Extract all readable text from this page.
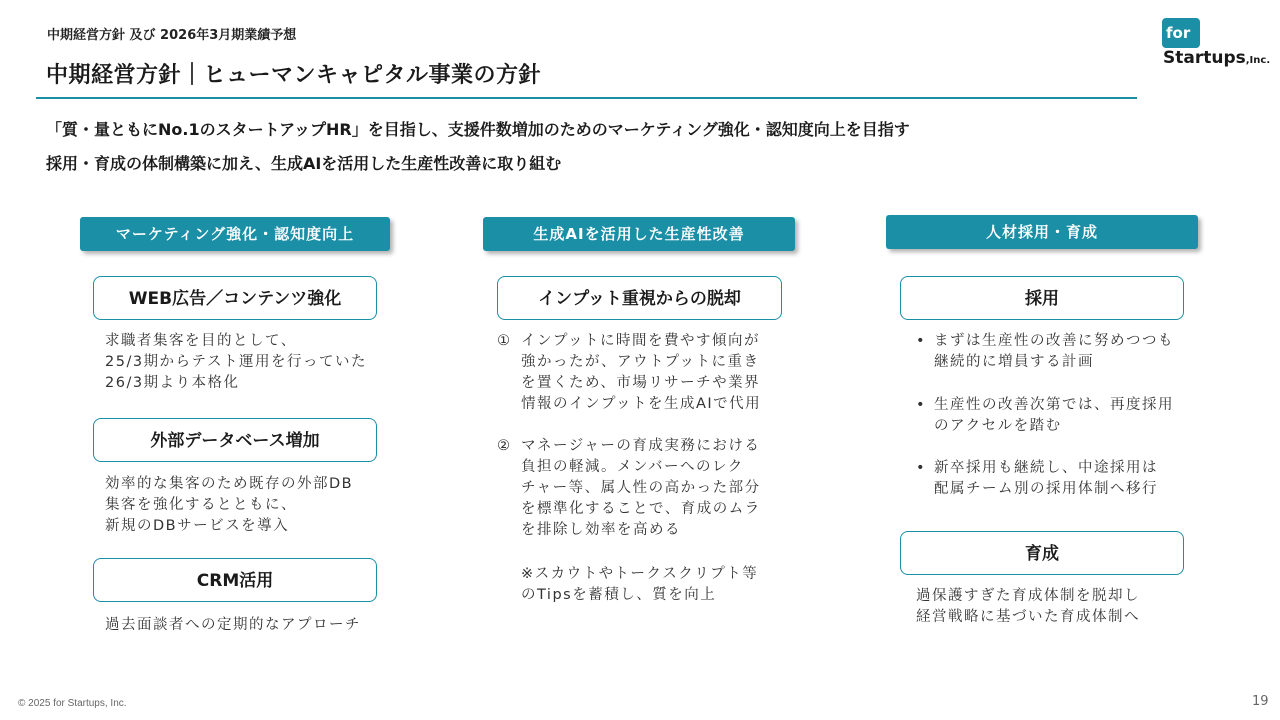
中期経営方針 及び 2026年3月期業績予想
中期経営方針｜ヒューマンキャピタル事業の方針
for
Startups,Inc.
「質・量ともにNo.1のスタートアップHR」を目指し、支援件数増加のためのマーケティング強化・認知度向上を目指す
採用・育成の体制構築に加え、生成AIを活用した生産性改善に取り組む
マーケティング強化・認知度向上
WEB広告／コンテンツ強化
求職者集客を目的として、
25/3期からテスト運用を行っていた
26/3期より本格化
外部データベース増加
効率的な集客のため既存の外部DB
集客を強化するとともに、
新規のDBサービスを導入
CRM活用
過去面談者への定期的なアプローチ
生成AIを活用した生産性改善
インプット重視からの脱却
① インプットに時間を費やす傾向が
強かったが、アウトプットに重き
を置くため、市場リサーチや業界
情報のインプットを生成AIで代用
② マネージャーの育成実務における
負担の軽減。メンバーへのレク
チャー等、属人性の高かった部分
を標準化することで、育成のムラ
を排除し効率を高める
※スカウトやトークスクリプト等
のTipsを蓄積し、質を向上
人材採用・育成
採用
• まずは生産性の改善に努めつつも
継続的に増員する計画
• 生産性の改善次第では、再度採用
のアクセルを踏む
• 新卒採用も継続し、中途採用は
配属チーム別の採用体制へ移行
育成
過保護すぎた育成体制を脱却し
経営戦略に基づいた育成体制へ
© 2025 for Startups, Inc.	19
